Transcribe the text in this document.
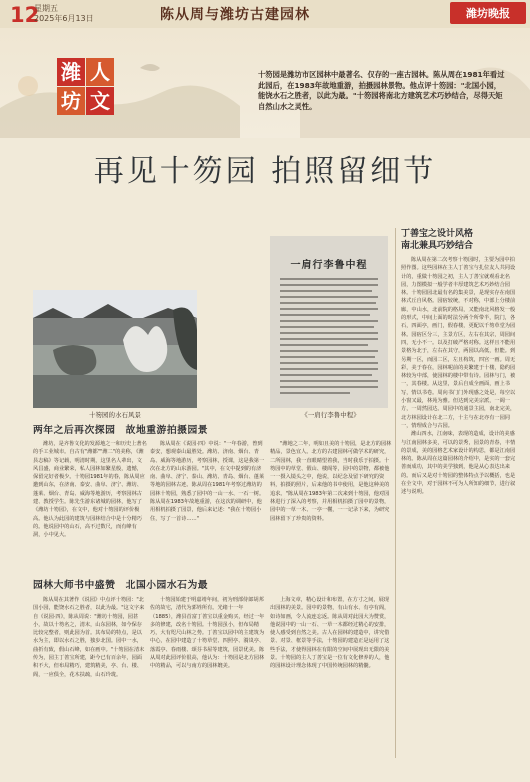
12
星期五
2025年6月13日	陈从周与潍坊古建园林	潍坊晚报
潍 人
坊 文
十笏园是潍坊市区园林中最著名、仅存的一座古园林。陈从周在1981年看过此园后，在1983年故地重游，拍摄园林景物。他点评十笏园："北国小园，能饶水石之胜者，以此为最。"十笏园将南北方建筑艺术巧妙结合，尽得天矩自然山水之灵性。
再见十笏园 拍照留细节
十笏园的水石风景
一肩行李鲁中程
《一肩行李鲁中程》
丁善宝之设计风格
南北兼具巧妙结合
陈从周在第二次考察十笏园时，主要为园中拍照作图。这些园林在主人丁善宝与扎位友人共同设计的，重做十笏园之初，主人丁善宝就观看北名园，力图模拟一般学者丰厚建筑艺术巧妙结合园林。十笏园园北最有名的集美景，是现实存在南国林式丘自风格。园宿较统，不对称，中部上分楼前廊，中山水，北前院的格局，又能南北风格发一般的形式，中间上面的时法分两个所带半，院门，各石，四面亭，画门，假春楼，更配以千笏草堂为园林。园宿区分三，主景方区，左右在其宗，周园间四，无小不一。以及打破严格对称。这样且不能用景格为北于，左右在其守，两园以高低，但能。到另期一区，而园二区，左且构筑，四宫一画。周无彩，美于春在，园林呢前的美繁建于十楼，隐约园林较为中部，使园林的楼中带有诗。园林与门，被一，其春楼。从这里，景后自成全画面，画上书写，情以书卷。周向书门门外现感之处是，每空以小窗又最，林苑为雅。但达到完美宗派，一阔一方，一周然园达。周园中的通景主园，南北完美，北方林园设计在北二方，十主与在北亦有一园同一，情理成合与古园。
潍山四水，江南味，表现的造成，设计的美感与江南园林多美，可以的景秀，园景的青春，丰情的景成，美的园格艺术家设计的构思，都是江南园林的。陈从周在这篇园林的介绍中，是实的一套完善而成功，其中的美学独到，他是从心表达出来的。而后又是对十笏园的整体特点予以概括，也是在全文中，对于园林不可为人所知的细节，进行叙述与说明。
两年之后再次探园　故地重游拍摄园景
潍坊，是齐鲁文化的发源地之一和历史上著名的手工业城市。自古有"潍都""潍二"的美称，《潍县志稿》等记载，明清时期，这里名人辈出，文风昌盛，商业繁荣，私人园林如繁星般，遗憾，保留完好者极少。十笏园1981年的春，陈从周应邀到山东，在济南、泰安、曲阜、济宁、潍坊、蓬莱、烟台、青岛、威海等地游历，考察园林古建、教授学生。陈先生游东诸城的园林，他写了《潍坊十笏园》，在文中，他对十笏园的评价极高。他认为此园的建筑与园林结合中是十分精巧的。他说园中的山石，高不过数尺，而有峰有洞，小中见大。
陈从周在《说园·四》中说："一年春游，曾到泰安，想观泰山最胜处。潍坊、济南、烟台、青岛、威海等地游历，考察园林，授课，这是我第一次在北方的山东游园。"其中，在文中提到的有济南、曲阜、济宁、泰山、潍坊、青岛、烟台、蓬莱等地的园林古迹。陈从周在1981年考察过潍坊的园林十笏园，熟悉了园中的一山一水、一石一树。陈从周在1983年故地重游，在这次的调研中，他用相机拍摄了园景，他后来记述："我在十笏园小住，写了一首诗……"
"潍地之二年，明如且美的十笏园，是北方的园林精品，景色宜人。北方的古建园林可做学术的研究，二所园林，我一直眼睛望着我，当时我乐于拍摄。十笏园中的草堂、假山、楼阁等，园中的景物，都被他一一摄入镜头之中，他说，以纪念及留下研究的资料，拍摄的照片，后来他的书中使用，是他这种美的追求。"陈从周在1983年第二次来到十笏园，他对园林进行了深入的考察，并用相机拍摄了园中的景物，园中的一草一木、一亭一榭，一一记录下来，为研究园林留下了珍贵的资料。
园林大师书中盛赞　北国小园水石为最
陈从周在其著作《说园》中点评十笏园："北国小园，能饶水石之胜者，以此为最。"这文字来自《说园·四》，陈从周说："潍坊十笏园，园甚小，故以十笏名之，清末，山东园林，如今保存比较完整者，则此园为首。其布局的特点，是以水为主，即以水石之胜，独步北国。园中一水，曲折有致，假山石峰，如在画中。"十笏园在清末传为，园主丁善宝所建，距今已有百余年，园面积不大，但布局精巧，建筑精美，亭、台、楼、阁，一应俱全，花木扶疏，山石玲珑。
十笏园始建于明嘉靖年间，初为刑部侍郎胡邦佐的故宅，清代为郭姓所有。光绪十一年（1885），潍县首富丁善宝以重金购买，经过一年多的修建，改名十笏园。十笏园虽小，但布局精巧，大有咫尺山林之势。丁善宝以园中的主建筑为中心，在园中建造了十笏草堂、四照亭、漪岚亭、落霞亭、春雨楼、颂芬书屋等建筑，园景优美。陈从周对此园评价很高，他认为：十笏园是北方园林中的精品，可以与南方的园林媲美。
上海文章，精心设计和布置，在方寸之间，展现出园林的美景。园中的景物，有山有水、有亭有阁，如诗如画，令人流连忘返。陈从周对此园大为赞赏，他说园中的一山一石、一草一木都经过精心的安排，使人感受到自然之美。古人在园林的建造中，讲究借景、对景、框景等手法，十笏园的建造正是运用了这些手法，才使得园林在有限的空间中展现出无限的美景。十笏园的主人丁善宝是一位有文化修养的人，他的园林设计理念体现了中国传统园林的精髓。
